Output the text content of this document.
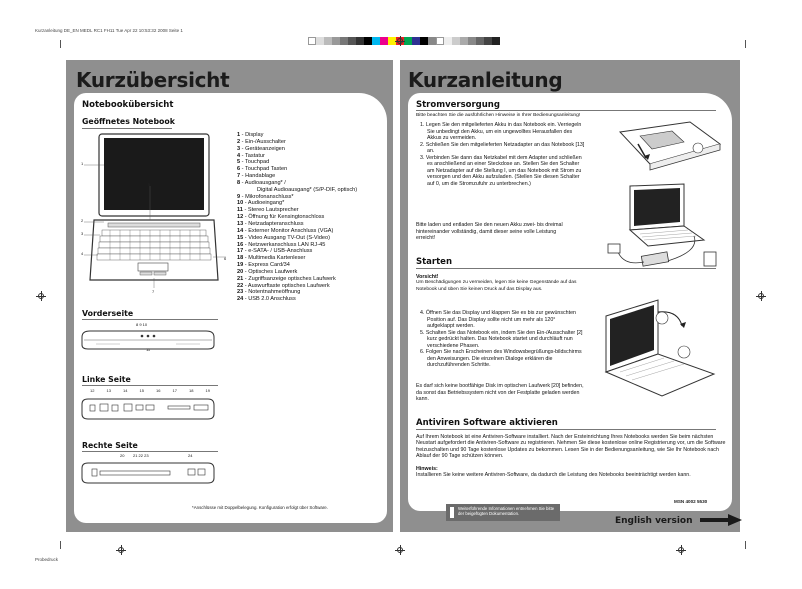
Kurzanleitung DE_EN MEDL RC1 FH11 Tue Apr 22 10:53:32 2008 Seite 1
Probedruck
Kurzübersicht
Notebookübersicht
Geöffnetes Notebook
1
2
3
4
5
6
7
1 - Display
2 - Ein-/Ausschalter
3 - Geräteanzeigen
4 - Tastatur
5 - Touchpad
6 - Touchpad Tasten
7 - Handablage
8 - Audioausgang* /
Digital Audioausgang* (S/P-DIF, optisch)
9 - Mikrofonanschluss*
10 - Audioeingang*
11 - Stereo Lautsprecher
12 - Öffnung für Kensingtonschloss
13 - Netzadapteranschluss
14 - Externer Monitor Anschluss (VGA)
15 - Video Ausgang TV-Out (S-Video)
16 - Netzwerkanschluss LAN RJ-45
17 - e-SATA- / USB-Anschluss
18 - Multimedia Kartenleser
19 - Express Card/34
20 - Optisches Laufwerk
21 - Zugriffsanzeige optisches Laufwerk
22 - Auswurftaste optisches Laufwerk
23 - Notentnahmeöffnung
24 - USB 2.0 Anschluss
Vorderseite
8 9 10
11
Linke Seite
12	13	14	15	16	17	18	19
Rechte Seite
20 21 22 23	24
*Anschlüsse mit Doppelbelegung. Konfiguration erfolgt über Software.
Kurzanleitung
Stromversorgung
Bitte beachten Sie die ausführlichen Hinweise in Ihrer Bedienungsanleitung!
1. Legen Sie den mitgelieferten Akku in das Notebook ein. Verriegeln Sie unbedingt den Akku, um ein ungewolltes Herausfallen des Akkus zu vermeiden.
2. Schließen Sie den mitgelieferten Netzadapter an das Notebook [13] an.
3. Verbinden Sie dann das Netzkabel mit dem Adapter und schließen es anschließend an einer Steckdose an. Stellen Sie den Schalter am Netzadapter auf die Stellung I, um das Notebook mit Strom zu versorgen und den Akku aufzuladen. (Stellen Sie diesen Schalter auf 0, um die Stromzufuhr zu unterbrechen.)
Bitte laden und entladen Sie den neuen Akku zwei- bis dreimal hintereinander vollständig, damit dieser seine volle Leistung erreicht!
Starten
Vorsicht!
Um Beschädigungen zu vermeiden, legen Sie keine Gegenstände auf das Notebook und üben Sie keinen Druck auf das Display aus.
4. Öffnen Sie das Display und klappen Sie es bis zur gewünschten Position auf. Das Display sollte nicht um mehr als 120° aufgeklappt werden.
5. Schalten Sie das Notebook ein, indem Sie den Ein-/Ausschalter [2] kurz gedrückt halten. Das Notebook startet und durchläuft nun verschiedene Phasen.
6. Folgen Sie nach Erscheinen des Windowsbegrüßungs-bildschirms den Anweisungen. Die einzelnen Dialoge erklären die durchzuführenden Schritte.
Es darf sich keine bootfähige Disk im optischen Laufwerk [20] befinden, da sonst das Betriebssystem nicht von der Festplatte geladen werden kann.
Antiviren Software aktivieren
Auf Ihrem Notebook ist eine Antiviren-Software installiert. Nach der Ersteinrichtung Ihres Notebooks werden Sie beim nächsten Neustart aufgefordert die Antiviren-Software zu registrieren. Nehmen Sie diese kostenlose online Registrierung vor, um die Software freizuschalten und 90 Tage kostenlose Updates zu bekommen. Lesen Sie in der Bedienungsanleitung, wie Sie Ihr Notebook nach Ablauf der 90 Tage schützen können.
Hinweis:
Installieren Sie keine weitere Antiviren-Software, da dadurch die Leistung des Notebooks beeinträchtigt werden kann.
MSN 4002 5530
Weiterführende Informationen entnehmen Sie bitte der beigefügten Dokumentation.
English version
